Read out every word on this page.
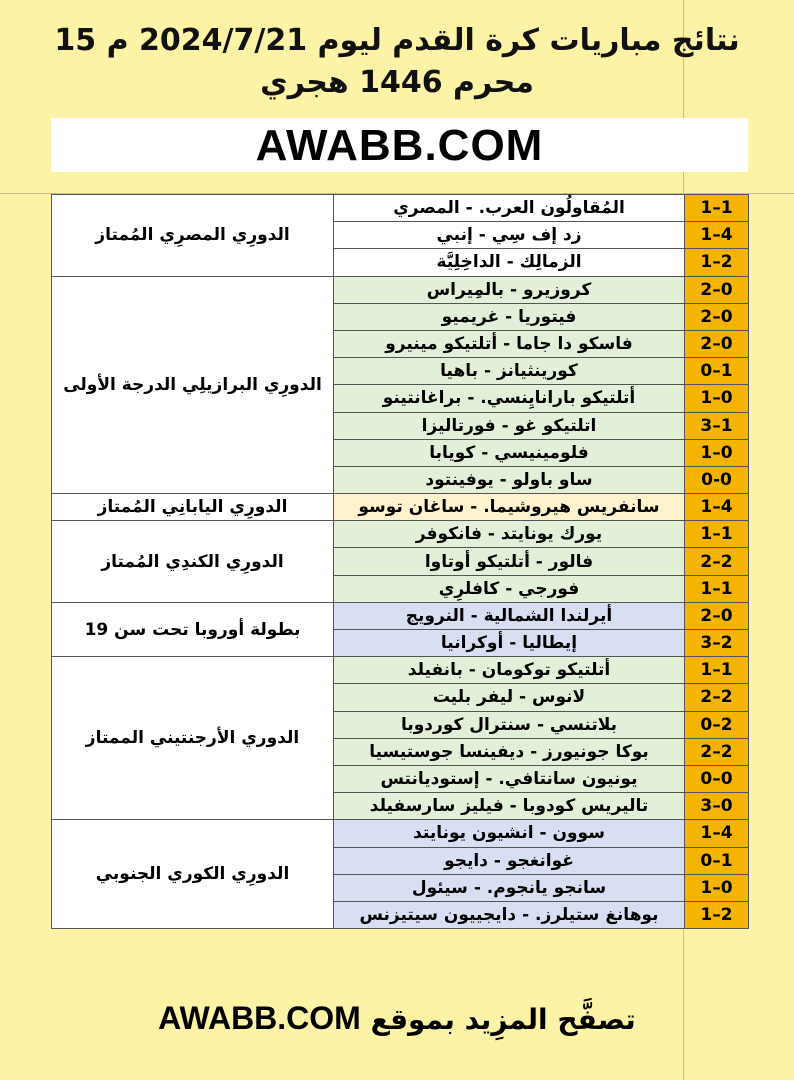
نتائج مباريات كرة القدم ليوم 2024/7/21 م 15
محرم 1446 هجري
AWABB.COM
الدورِي المصرِي المُمتاز	المُقاولُون العرب. - المصري	1–1
	زد إف سِي - إنبي	1–4
	الزمالِك - الداخِلِيَّة	1–2
الدورِي البرازيلِي الدرجة الأولى	كروزيرو - بالمِيراس	2–0
	فيتوريا - غريميو	2–0
	فاسكو دا جاما - أتلتيكو مينيرو	2–0
	كورينثيانز - باهيا	0–1
	أتلتيكو بارانايِنسي. - براغانتينو	1–0
	اتلتيكو غو - فورتاليزا	3–1
	فلومينيسي - كويابا	1–0
	ساو باولو - يوفينتود	0-0
الدورِي اليابانِي المُمتاز	سانفريس هيروشيما. - ساغان توسو	1–4
الدورِي الكندِي المُمتاز	يورك يونايتد - فانكوفر	1–1
	فالور - أتلتيكو أوتاوا	2–2
	فورجي - كافلرِي	1–1
بطولة أوروبا تحت سن 19	أيرلندا الشمالية - النرويج	2–0
	إيطاليا - أوكرانيا	3–2
الدوري الأرجنتيني الممتاز	أتلتيكو توكومان - بانفيلد	1–1
	لانوس - ليفر بليت	2–2
	بلاتنسي - سنترال كوردوبا	0–2
	بوكا جونيورز - ديفينسا جوستيسيا	2–2
	يونيون سانتافي. - إستوديانتس	0–0
	تاليريس كودوبا - فيليز سارسفيلد	3–0
الدورِي الكوري الجنوبي	سوون - انشيون يونايتد	1–4
	غوانغجو - دايجو	0–1
	سانجو يانجوم. - سيئول	1–0
	بوهانغ ستيلرز. - دايجييون سيتيزنس	1–2
تصفَّح المزِيد بموقع AWABB.COM
